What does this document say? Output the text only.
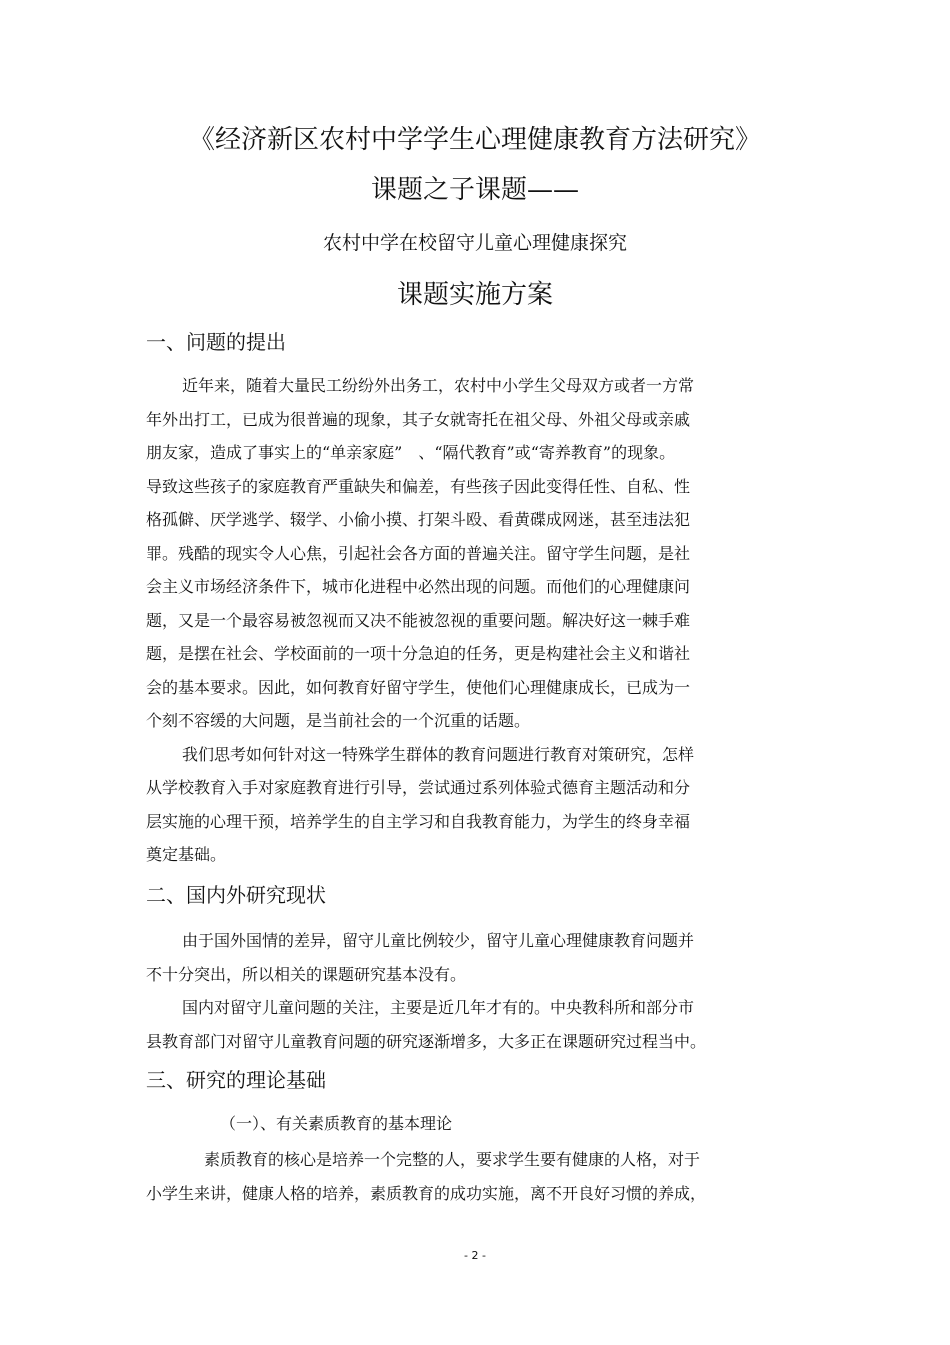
《经济新区农村中学学生心理健康教育方法研究》
课题之子课题——
农村中学在校留守儿童心理健康探究
课题实施方案
一、问题的提出
近年来，随着大量民工纷纷外出务工，农村中小学生父母双方或者一方常
年外出打工，已成为很普遍的现象，其子女就寄托在祖父母、外祖父母或亲戚
朋友家，造成了事实上的“单亲家庭”　、“隔代教育”或“寄养教育”的现象。
导致这些孩子的家庭教育严重缺失和偏差，有些孩子因此变得任性、自私、性
格孤僻、厌学逃学、辍学、小偷小摸、打架斗殴、看黄碟成网迷，甚至违法犯
罪。残酷的现实令人心焦，引起社会各方面的普遍关注。留守学生问题，是社
会主义市场经济条件下，城市化进程中必然出现的问题。而他们的心理健康问
题，又是一个最容易被忽视而又决不能被忽视的重要问题。解决好这一棘手难
题，是摆在社会、学校面前的一项十分急迫的任务，更是构建社会主义和谐社
会的基本要求。因此，如何教育好留守学生，使他们心理健康成长，已成为一
个刻不容缓的大问题，是当前社会的一个沉重的话题。
我们思考如何针对这一特殊学生群体的教育问题进行教育对策研究，怎样
从学校教育入手对家庭教育进行引导，尝试通过系列体验式德育主题活动和分
层实施的心理干预，培养学生的自主学习和自我教育能力，为学生的终身幸福
奠定基础。
二、国内外研究现状
由于国外国情的差异，留守儿童比例较少，留守儿童心理健康教育问题并
不十分突出，所以相关的课题研究基本没有。
国内对留守儿童问题的关注，主要是近几年才有的。中央教科所和部分市
县教育部门对留守儿童教育问题的研究逐渐增多，大多正在课题研究过程当中。
三、研究的理论基础
（一）、有关素质教育的基本理论
素质教育的核心是培养一个完整的人，要求学生要有健康的人格，对于
小学生来讲，健康人格的培养，素质教育的成功实施，离不开良好习惯的养成，
- 2 -
